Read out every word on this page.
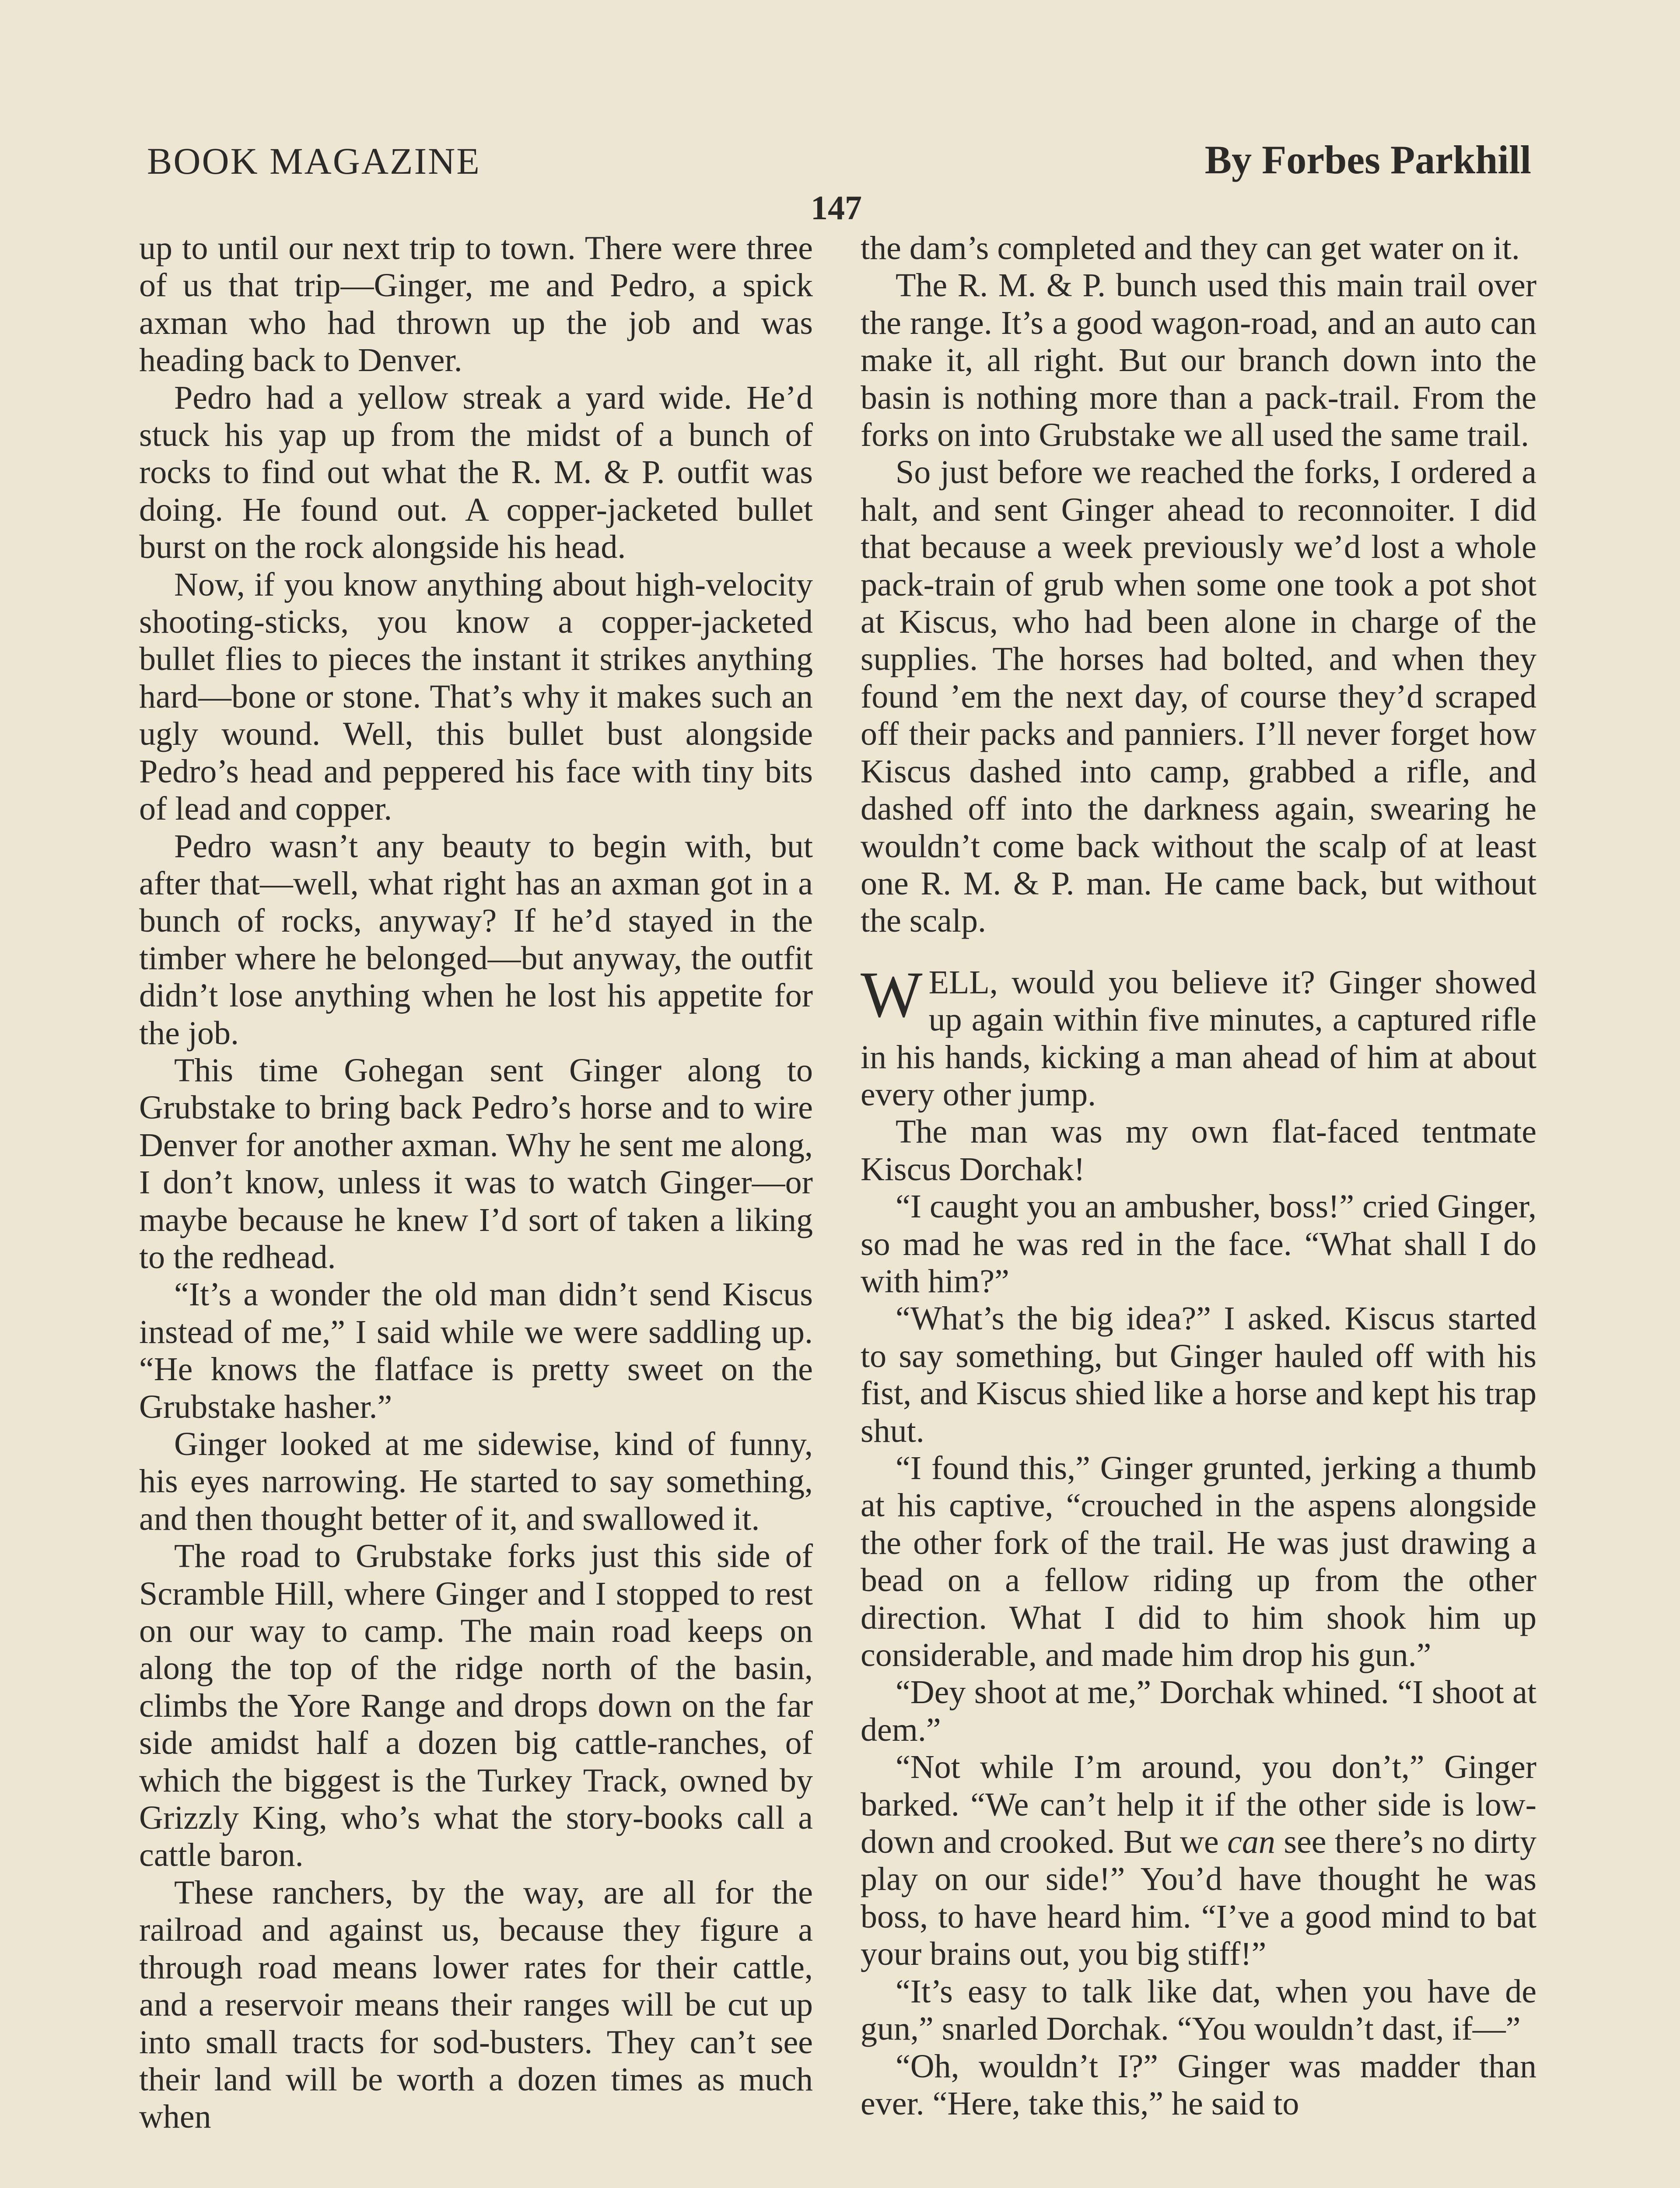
BOOK MAGAZINE	By Forbes Parkhill
147

up to until our next trip to town. There were three of us that trip—Ginger, me and Pedro, a spick axman who had thrown up the job and was heading back to Denver.

Pedro had a yellow streak a yard wide. He’d stuck his yap up from the midst of a bunch of rocks to find out what the R. M. & P. outfit was doing. He found out. A copper-jacketed bullet burst on the rock alongside his head.

Now, if you know anything about high-velocity shooting-sticks, you know a copper-jacketed bullet flies to pieces the instant it strikes anything hard—bone or stone. That’s why it makes such an ugly wound. Well, this bullet bust alongside Pedro’s head and peppered his face with tiny bits of lead and copper.

Pedro wasn’t any beauty to begin with, but after that—well, what right has an axman got in a bunch of rocks, anyway? If he’d stayed in the timber where he belonged—but anyway, the outfit didn’t lose anything when he lost his appetite for the job.

This time Gohegan sent Ginger along to Grubstake to bring back Pedro’s horse and to wire Denver for another axman. Why he sent me along, I don’t know, unless it was to watch Ginger—or maybe because he knew I’d sort of taken a liking to the redhead.

“It’s a wonder the old man didn’t send Kiscus instead of me,” I said while we were saddling up. “He knows the flatface is pretty sweet on the Grubstake hasher.”

Ginger looked at me sidewise, kind of funny, his eyes narrowing. He started to say something, and then thought better of it, and swallowed it.

The road to Grubstake forks just this side of Scramble Hill, where Ginger and I stopped to rest on our way to camp. The main road keeps on along the top of the ridge north of the basin, climbs the Yore Range and drops down on the far side amidst half a dozen big cattle-ranches, of which the biggest is the Turkey Track, owned by Grizzly King, who’s what the story-books call a cattle baron.

These ranchers, by the way, are all for the railroad and against us, because they figure a through road means lower rates for their cattle, and a reservoir means their ranges will be cut up into small tracts for sod-busters. They can’t see their land will be worth a dozen times as much when

the dam’s completed and they can get water on it.

The R. M. & P. bunch used this main trail over the range. It’s a good wagon-road, and an auto can make it, all right. But our branch down into the basin is nothing more than a pack-trail. From the forks on into Grubstake we all used the same trail.

So just before we reached the forks, I ordered a halt, and sent Ginger ahead to reconnoiter. I did that because a week previously we’d lost a whole pack-train of grub when some one took a pot shot at Kiscus, who had been alone in charge of the supplies. The horses had bolted, and when they found ’em the next day, of course they’d scraped off their packs and panniers. I’ll never forget how Kiscus dashed into camp, grabbed a rifle, and dashed off into the darkness again, swearing he wouldn’t come back without the scalp of at least one R. M. & P. man. He came back, but without the scalp.

WELL, would you believe it? Ginger showed up again within five minutes, a captured rifle in his hands, kicking a man ahead of him at about every other jump.

The man was my own flat-faced tentmate Kiscus Dorchak!

“I caught you an ambusher, boss!” cried Ginger, so mad he was red in the face. “What shall I do with him?”

“What’s the big idea?” I asked. Kiscus started to say something, but Ginger hauled off with his fist, and Kiscus shied like a horse and kept his trap shut.

“I found this,” Ginger grunted, jerking a thumb at his captive, “crouched in the aspens alongside the other fork of the trail. He was just drawing a bead on a fellow riding up from the other direction. What I did to him shook him up considerable, and made him drop his gun.”

“Dey shoot at me,” Dorchak whined. “I shoot at dem.”

“Not while I’m around, you don’t,” Ginger barked. “We can’t help it if the other side is low-down and crooked. But we can see there’s no dirty play on our side!” You’d have thought he was boss, to have heard him. “I’ve a good mind to bat your brains out, you big stiff!”

“It’s easy to talk like dat, when you have de gun,” snarled Dorchak. “You wouldn’t dast, if—”

“Oh, wouldn’t I?” Ginger was madder than ever. “Here, take this,” he said to
